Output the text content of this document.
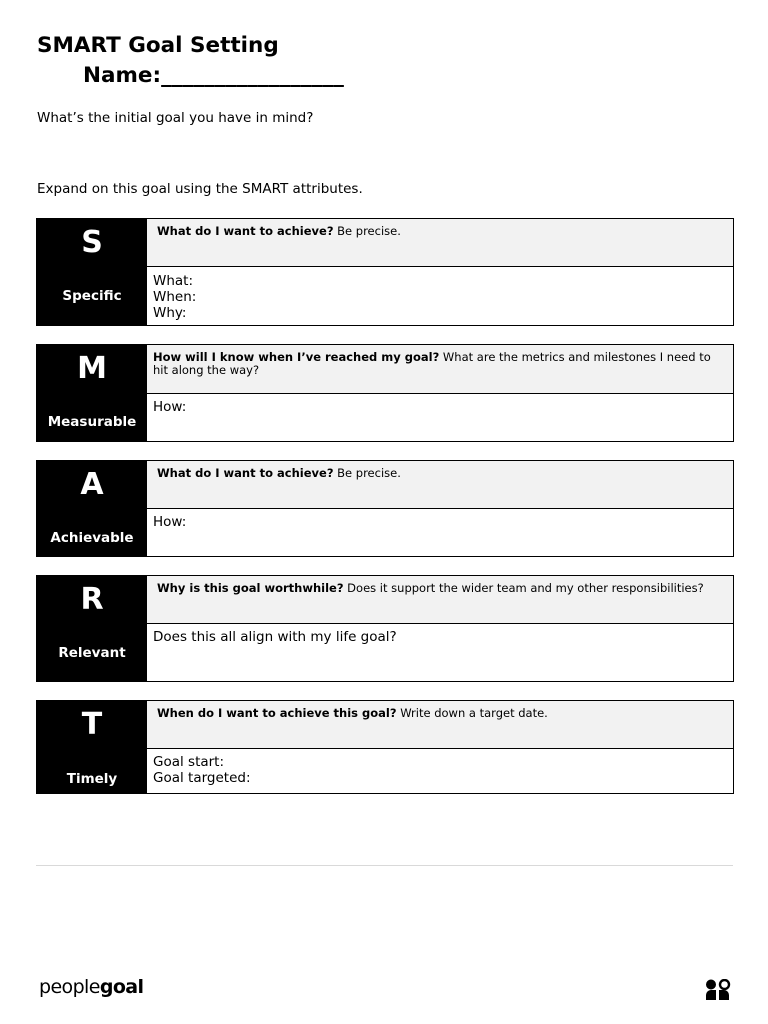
SMART Goal Setting
Name:_________________
What’s the initial goal you have in mind?
Expand on this goal using the SMART attributes.
S
Specific
What do I want to achieve? Be precise.
What:
When:
Why:
M
Measurable
How will I know when I’ve reached my goal? What are the metrics and milestones I need to hit along the way?
How:
A
Achievable
What do I want to achieve? Be precise.
How:
R
Relevant
Why is this goal worthwhile? Does it support the wider team and my other responsibilities?
Does this all align with my life goal?
T
Timely
When do I want to achieve this goal? Write down a target date.
Goal start:
Goal targeted:
peoplegoal
